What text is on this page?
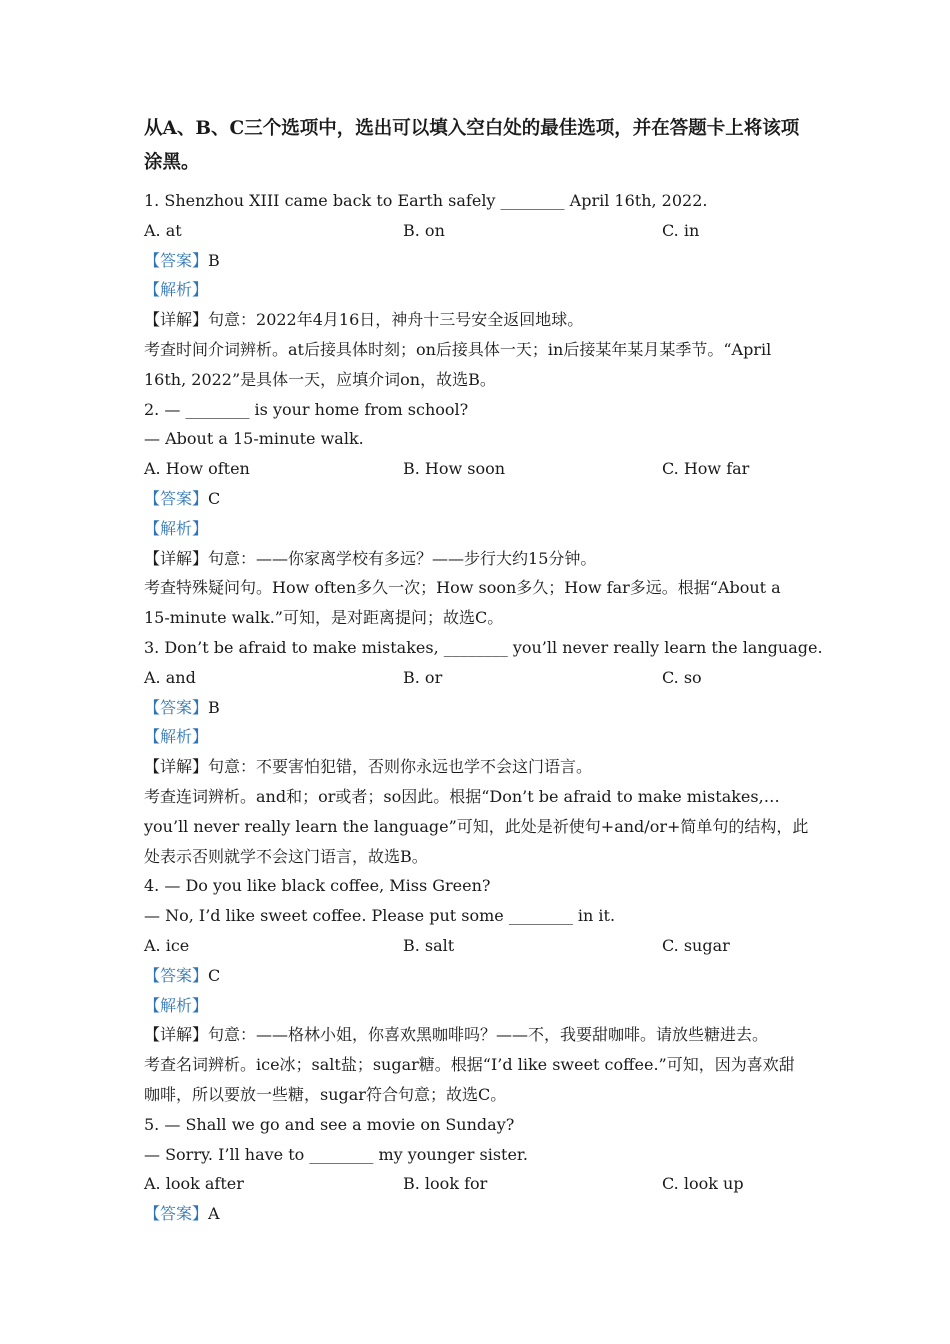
从A、B、C三个选项中，选出可以填入空白处的最佳选项，并在答题卡上将该项涂黑。
1. Shenzhou XIII came back to Earth safely ________ April 16th, 2022.
A. at	B. on	C. in
【答案】B
【解析】
【详解】句意：2022年4月16日，神舟十三号安全返回地球。
考查时间介词辨析。at后接具体时刻；on后接具体一天；in后接某年某月某季节。“April 16th, 2022”是具体一天，应填介词on，故选B。
2. — ________ is your home from school?
— About a 15-minute walk.
A. How often	B. How soon	C. How far
【答案】C
【解析】
【详解】句意：——你家离学校有多远？——步行大约15分钟。
考查特殊疑问句。How often多久一次；How soon多久；How far多远。根据“About a 15-minute walk.”可知，是对距离提问；故选C。
3. Don’t be afraid to make mistakes, ________ you’ll never really learn the language.
A. and	B. or	C. so
【答案】B
【解析】
【详解】句意：不要害怕犯错，否则你永远也学不会这门语言。
考查连词辨析。and和；or或者；so因此。根据“Don’t be afraid to make mistakes,…you’ll never really learn the language”可知，此处是祈使句+and/or+简单句的结构，此处表示否则就学不会这门语言，故选B。
4. — Do you like black coffee, Miss Green?
— No, I’d like sweet coffee. Please put some ________ in it.
A. ice	B. salt	C. sugar
【答案】C
【解析】
【详解】句意：——格林小姐，你喜欢黑咖啡吗？——不，我要甜咖啡。请放些糖进去。
考查名词辨析。ice冰；salt盐；sugar糖。根据“I’d like sweet coffee.”可知，因为喜欢甜咖啡，所以要放一些糖，sugar符合句意；故选C。
5. — Shall we go and see a movie on Sunday?
— Sorry. I’ll have to ________ my younger sister.
A. look after	B. look for	C. look up
【答案】A
